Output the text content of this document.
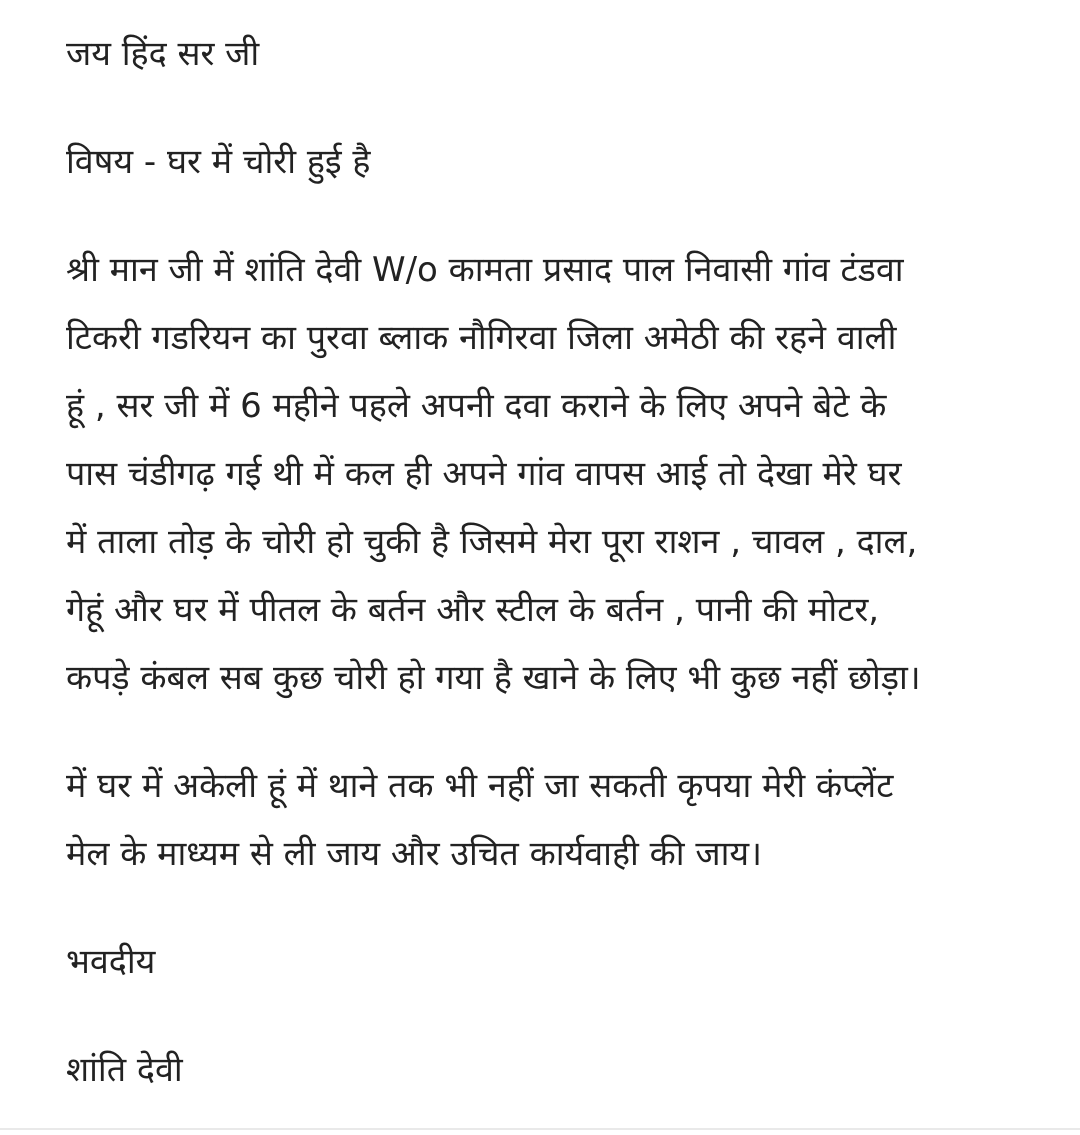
जय हिंद सर जी

विषय - घर में चोरी हुई है

श्री मान जी में शांति देवी W/o कामता प्रसाद पाल निवासी गांव टंडवा

टिकरी गडरियन का पुरवा ब्लाक नौगिरवा जिला अमेठी की रहने वाली

हूं , सर जी में 6 महीने पहले अपनी दवा कराने के लिए अपने बेटे के

पास चंडीगढ़ गई थी में कल ही अपने गांव वापस आई तो देखा मेरे घर

में ताला तोड़ के चोरी हो चुकी है जिसमे मेरा पूरा राशन , चावल , दाल,

गेहूं और घर में पीतल के बर्तन और स्टील के बर्तन , पानी की मोटर,

कपड़े कंबल सब कुछ चोरी हो गया है खाने के लिए भी कुछ नहीं छोड़ा।

में घर में अकेली हूं में थाने तक भी नहीं जा सकती कृपया मेरी कंप्लेंट

मेल के माध्यम से ली जाय और उचित कार्यवाही की जाय।

भवदीय

शांति देवी
